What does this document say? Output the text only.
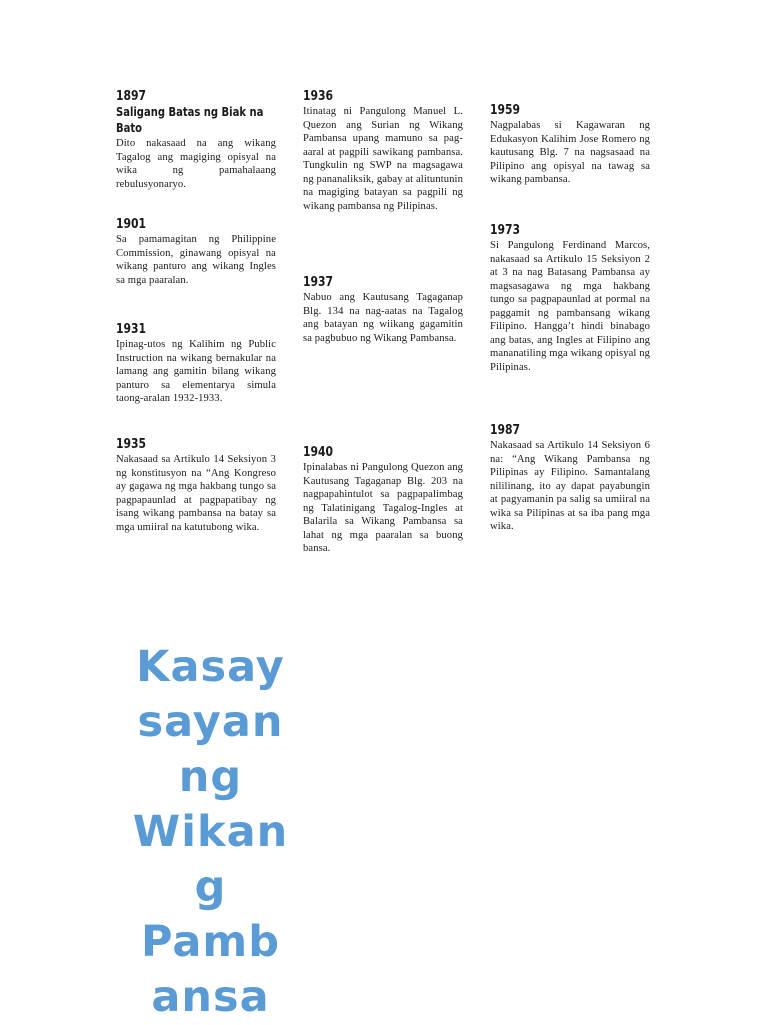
1897
Saligang Batas ng Biak na Bato

Dito nakasaad na ang wikang Tagalog ang magiging opisyal na wika ng pamahalaang rebulusyonaryo.

1901

Sa pamamagitan ng Philippine Commission, ginawang opisyal na wikang panturo ang wikang Ingles sa mga paaralan.

1931

Ipinag-utos ng Kalihim ng Public Instruction na wikang bernakular na lamang ang gamitin bilang wikang panturo sa elementarya simula taong-aralan 1932-1933.

1935

Nakasaad sa Artikulo 14 Seksiyon 3 ng konstitusyon na “Ang Kongreso ay gagawa ng mga hakbang tungo sa pagpapaunlad at pagpapatibay ng isang wikang pambansa na batay sa mga umiiral na katutubong wika.

1936

Itinatag ni Pangulong Manuel L. Quezon ang Surian ng Wikang Pambansa upang mamuno sa pag-aaral at pagpili sawikang pambansa. Tungkulin ng SWP na magsagawa ng pananaliksik, gabay at alituntunin na magiging batayan sa pagpili ng wikang pambansa ng Pilipinas.

1937

Nabuo ang Kautusang Tagaganap Blg. 134 na nag-aatas na Tagalog ang batayan ng wiikang gagamitin sa pagbubuo ng Wikang Pambansa.

1940

Ipinalabas ni Pangulong Quezon ang Kautusang Tagaganap Blg. 203 na nagpapahintulot sa pagpapalimbag ng Talatinigang Tagalog-Ingles at Balarila sa Wikang Pambansa sa lahat ng mga paaralan sa buong bansa.

1959

Nagpalabas si Kagawaran ng Edukasyon Kalihim Jose Romero ng kautusang Blg. 7 na nagsasaad na Pilipino ang opisyal na tawag sa wikang pambansa.

1973

Si Pangulong Ferdinand Marcos, nakasaad sa Artikulo 15 Seksiyon 2 at 3 na nag Batasang Pambansa ay magsasagawa ng mga hakbang tungo sa pagpapaunlad at pormal na paggamit ng pambansang wikang Filipino. Hangga’t hindi binabago ang batas, ang Ingles at Filipino ang mananatiling mga wikang opisyal ng Pilipinas.

1987

Nakasaad sa Artikulo 14 Seksiyon 6 na: “Ang Wikang Pambansa ng Pilipinas ay Filipino. Samantalang nililinang, ito ay dapat payabungin at pagyamanin pa salig sa umiiral na wika sa Pilipinas at sa iba pang mga wika.

Kasay
sayan
ng
Wikan
g
Pamb
ansa
